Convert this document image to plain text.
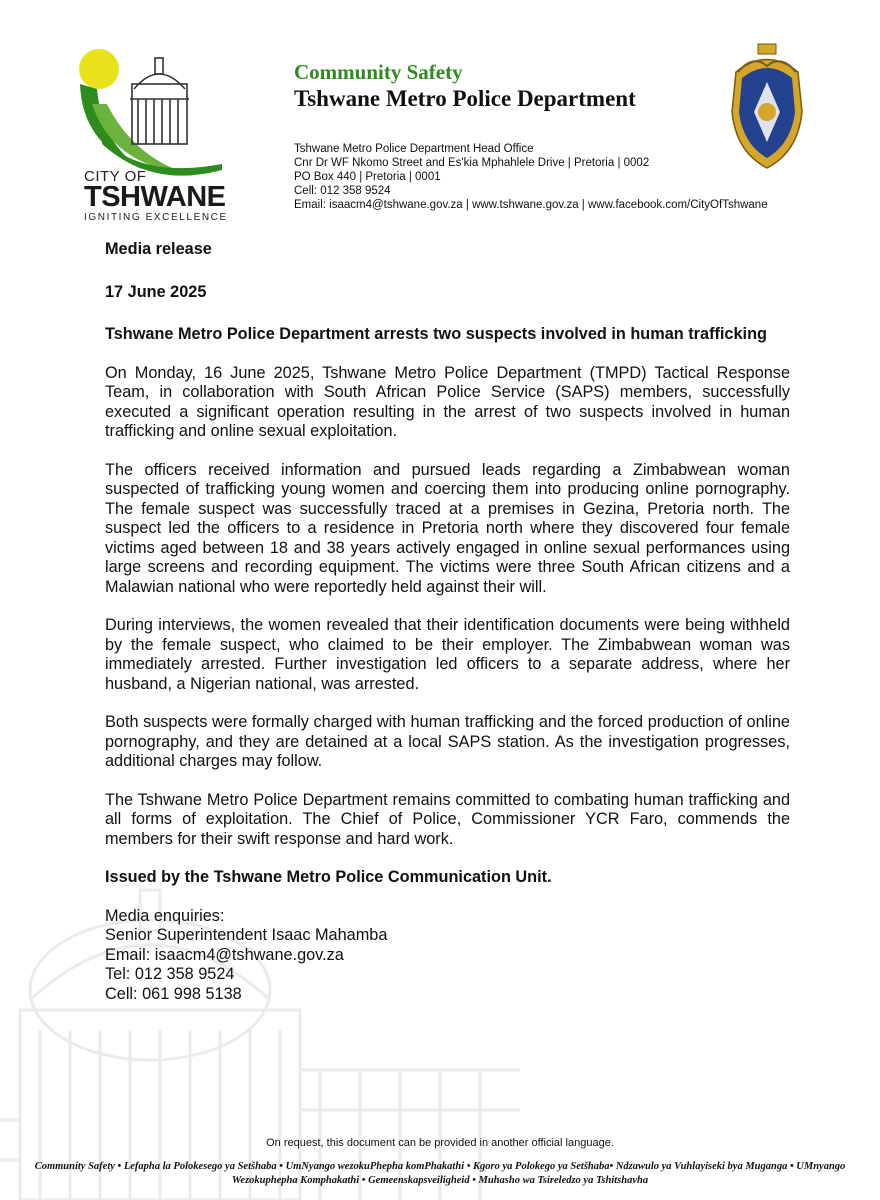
CITY OF
TSHWANE
IGNITING EXCELLENCE
Community Safety
Tshwane Metro Police Department
Tshwane Metro Police Department Head Office
Cnr Dr WF Nkomo Street and Es'kia Mphahlele Drive | Pretoria | 0002
PO Box 440 | Pretoria | 0001
Cell: 012 358 9524
Email: isaacm4@tshwane.gov.za | www.tshwane.gov.za | www.facebook.com/CityOfTshwane
Media release
17 June 2025
Tshwane Metro Police Department arrests two suspects involved in human trafficking

On Monday, 16 June 2025, Tshwane Metro Police Department (TMPD) Tactical Response Team, in collaboration with South African Police Service (SAPS) members, successfully executed a significant operation resulting in the arrest of two suspects involved in human trafficking and online sexual exploitation.

The officers received information and pursued leads regarding a Zimbabwean woman suspected of trafficking young women and coercing them into producing online pornography. The female suspect was successfully traced at a premises in Gezina, Pretoria north. The suspect led the officers to a residence in Pretoria north where they discovered four female victims aged between 18 and 38 years actively engaged in online sexual performances using large screens and recording equipment. The victims were three South African citizens and a Malawian national who were reportedly held against their will.

During interviews, the women revealed that their identification documents were being withheld by the female suspect, who claimed to be their employer. The Zimbabwean woman was immediately arrested. Further investigation led officers to a separate address, where her husband, a Nigerian national, was arrested.

Both suspects were formally charged with human trafficking and the forced production of online pornography, and they are detained at a local SAPS station. As the investigation progresses, additional charges may follow.

The Tshwane Metro Police Department remains committed to combating human trafficking and all forms of exploitation. The Chief of Police, Commissioner YCR Faro, commends the members for their swift response and hard work.

Issued by the Tshwane Metro Police Communication Unit.
Media enquiries:
Senior Superintendent Isaac Mahamba
Email: isaacm4@tshwane.gov.za
Tel: 012 358 9524
Cell: 061 998 5138
On request, this document can be provided in another official language.
Community Safety • Lefapha la Polokesego ya Setšhaba • UmNyango wezokuPhepha komPhakathi • Kgoro ya Polokego ya Setšhaba• Ndzawulo ya Vuhlayiseki bya Muganga • UMnyango
Wezokuphepha Komphakathi • Gemeenskapsveiligheid • Muhasho wa Tsireledzo ya Tshitshavha
